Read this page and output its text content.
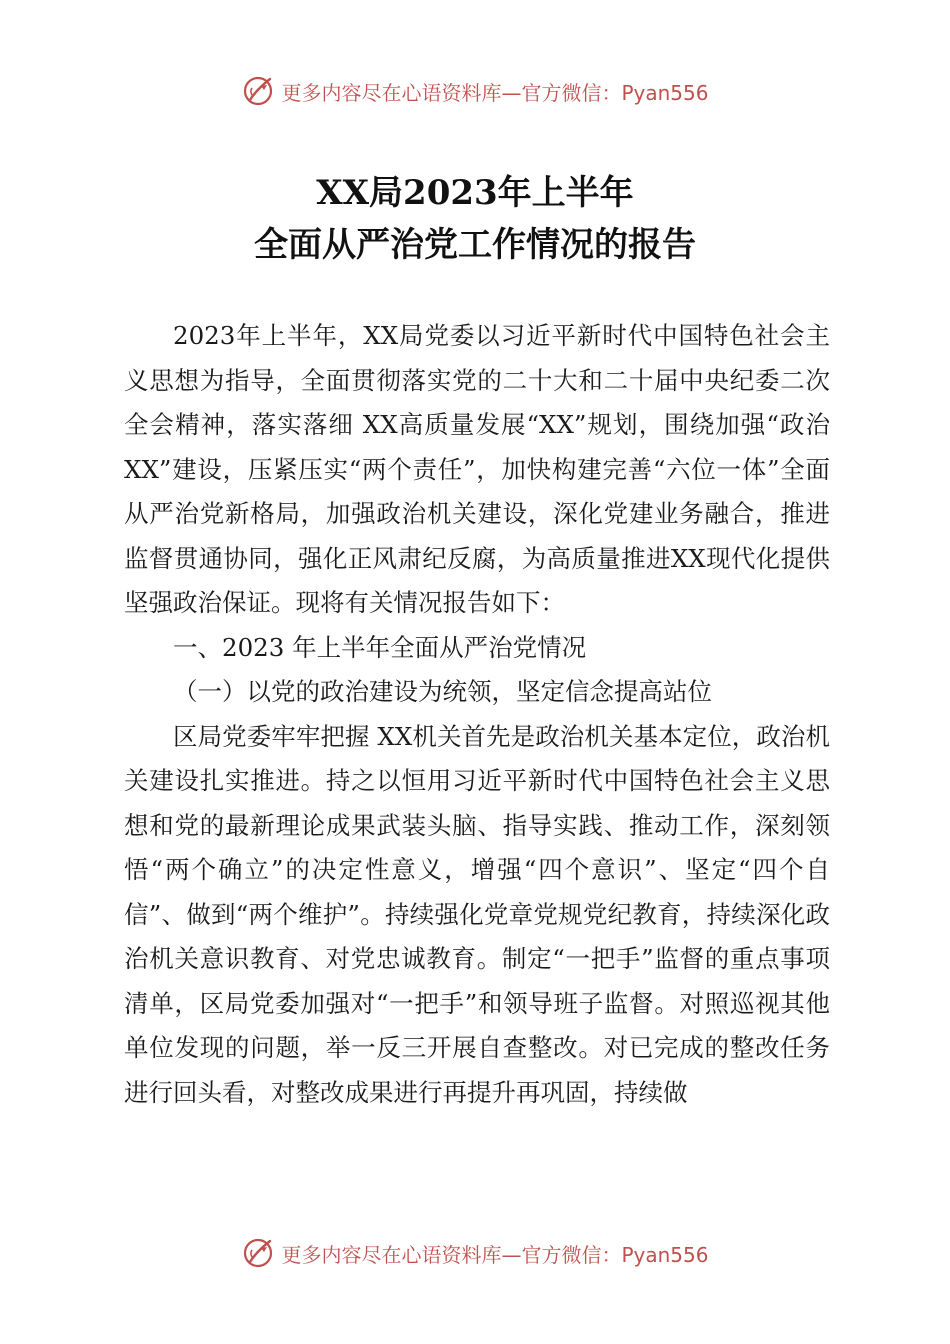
更多内容尽在心语资料库—官方微信：Pyan556
XX局2023年上半年
全面从严治党工作情况的报告

2023年上半年，XX局党委以习近平新时代中国特色社会主义思想为指导，全面贯彻落实党的二十大和二十届中央纪委二次全会精神，落实落细 XX高质量发展“XX”规划，围绕加强“政治 XX”建设，压紧压实“两个责任”，加快构建完善“六位一体”全面从严治党新格局，加强政治机关建设，深化党建业务融合，推进监督贯通协同，强化正风肃纪反腐，为高质量推进XX现代化提供坚强政治保证。现将有关情况报告如下：

一、2023 年上半年全面从严治党情况

（一）以党的政治建设为统领，坚定信念提高站位

区局党委牢牢把握 XX机关首先是政治机关基本定位，政治机关建设扎实推进。持之以恒用习近平新时代中国特色社会主义思想和党的最新理论成果武装头脑、指导实践、推动工作，深刻领悟“两个确立”的决定性意义，增强“四个意识”、坚定“四个自信”、做到“两个维护”。持续强化党章党规党纪教育，持续深化政治机关意识教育、对党忠诚教育。制定“一把手”监督的重点事项清单，区局党委加强对“一把手”和领导班子监督。对照巡视其他单位发现的问题，举一反三开展自查整改。对已完成的整改任务进行回头看，对整改成果进行再提升再巩固，持续做

更多内容尽在心语资料库—官方微信：Pyan556
